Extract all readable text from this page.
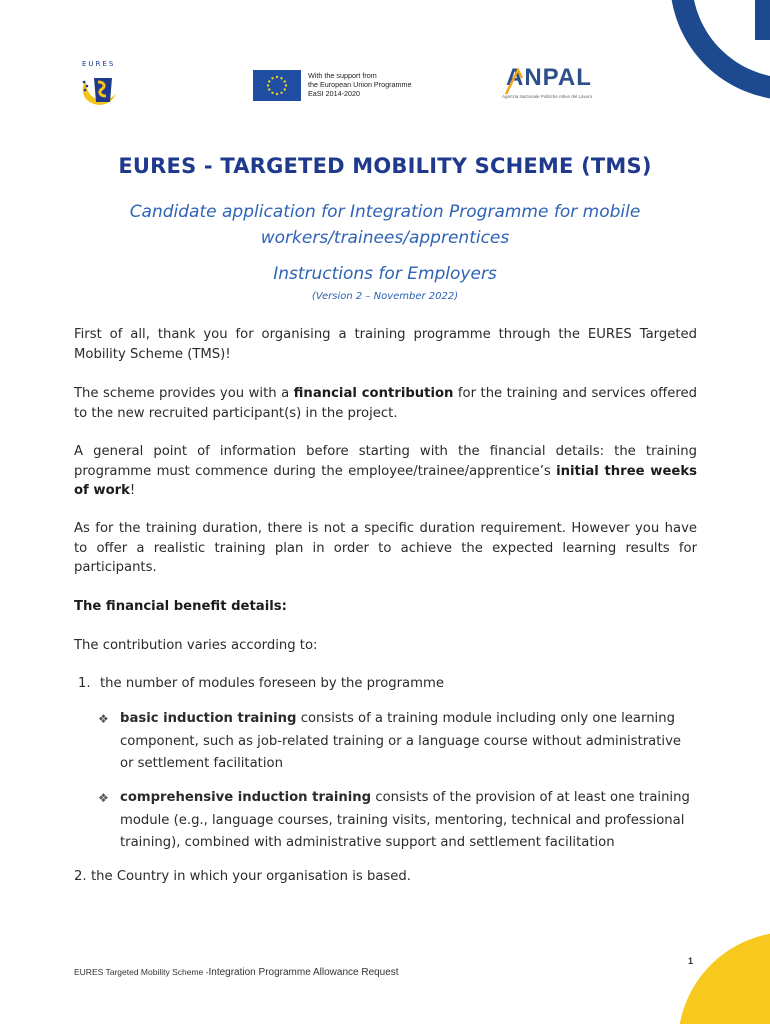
EURES
With the support from
the European Union Programme
EaSI 2014-2020
ANPAL
Agenzia Nazionale Politiche Attive del Lavoro
EURES - TARGETED MOBILITY SCHEME (TMS)
Candidate application for Integration Programme for mobile workers/trainees/apprentices
Instructions for Employers
(Version 2 – November 2022)
First of all, thank you for organising a training programme through the EURES Targeted Mobility Scheme (TMS)!
The scheme provides you with a financial contribution for the training and services offered to the new recruited participant(s) in the project.
A general point of information before starting with the financial details: the training programme must commence during the employee/trainee/apprentice’s initial three weeks of work!
As for the training duration, there is not a specific duration requirement. However you have to offer a realistic training plan in order to achieve the expected learning results for participants.
The financial benefit details:
The contribution varies according to:
1. the number of modules foreseen by the programme
❖ basic induction training consists of a training module including only one learning component, such as job-related training or a language course without administrative or settlement facilitation
❖ comprehensive induction training consists of the provision of at least one training module (e.g., language courses, training visits, mentoring, technical and professional training), combined with administrative support and settlement facilitation
2. the Country in which your organisation is based.
EURES Targeted Mobility Scheme -Integration Programme Allowance Request
1
